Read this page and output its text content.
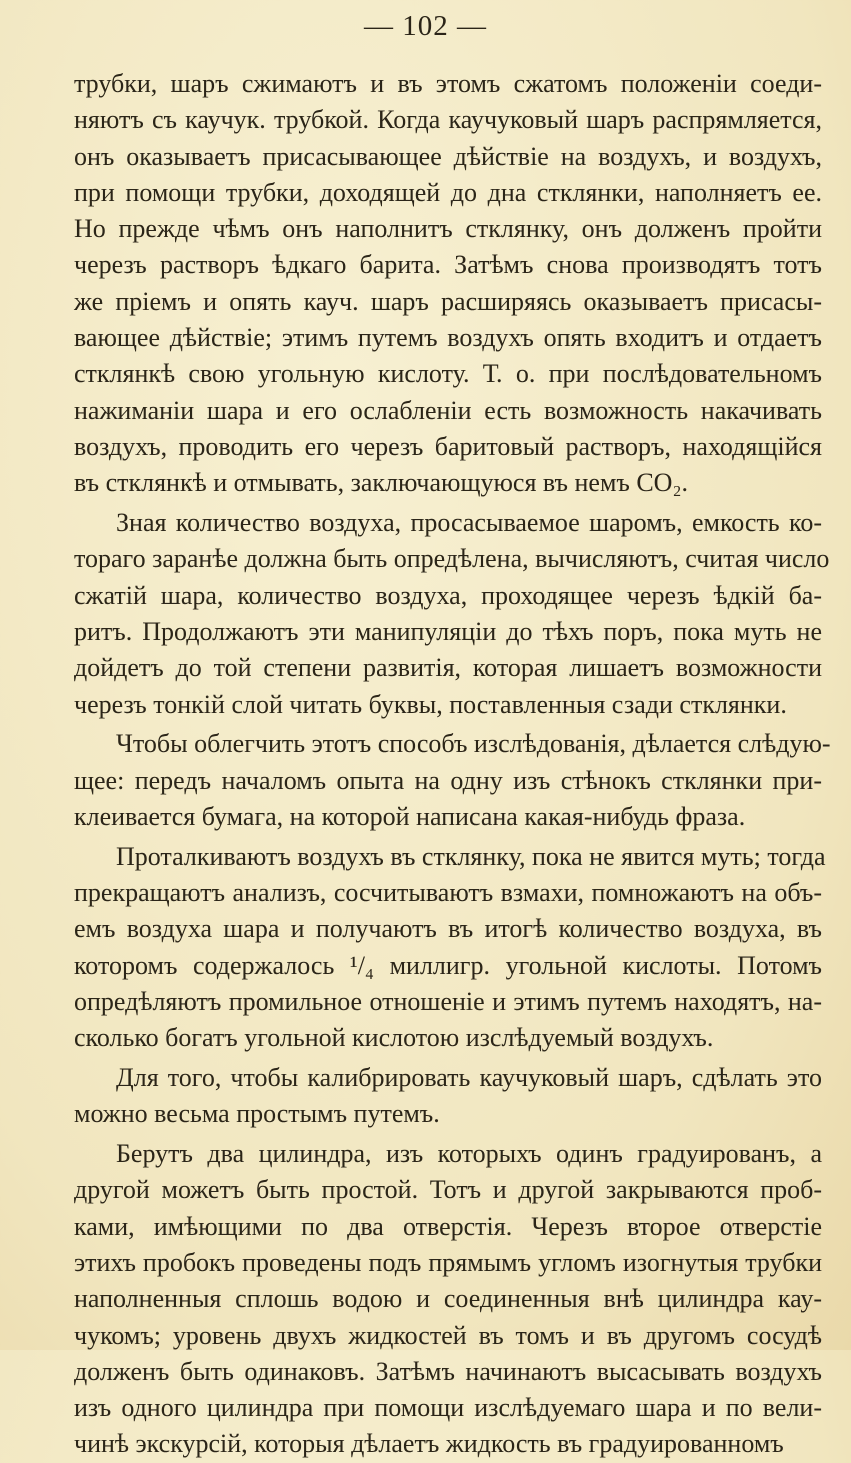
— 102 —
трубки, шаръ сжимаютъ и въ этомъ сжатомъ положеніи соеди-
няютъ съ каучук. трубкой. Когда каучуковый шаръ распрямляется,
онъ оказываетъ присасывающее дѣйствіе на воздухъ, и воздухъ,
при помощи трубки, доходящей до дна стклянки, наполняетъ ее.
Но прежде чѣмъ онъ наполнитъ стклянку, онъ долженъ пройти
черезъ растворъ ѣдкаго барита. Затѣмъ снова производятъ тотъ
же пріемъ и опять кауч. шаръ расширяясь оказываетъ присасы-
вающее дѣйствіе; этимъ путемъ воздухъ опять входитъ и отдаетъ
стклянкѣ свою угольную кислоту. Т. о. при послѣдовательномъ
нажиманіи шара и его ослабленіи есть возможность накачивать
воздухъ, проводить его черезъ баритовый растворъ, находящійся
въ стклянкѣ и отмывать, заключающуюся въ немъ CO₂.
Зная количество воздуха, просасываемое шаромъ, емкость ко-
тораго заранѣе должна быть опредѣлена, вычисляютъ, считая число
сжатій шара, количество воздуха, проходящее черезъ ѣдкій ба-
ритъ. Продолжаютъ эти манипуляціи до тѣхъ поръ, пока муть не
дойдетъ до той степени развитія, которая лишаетъ возможности
черезъ тонкій слой читать буквы, поставленныя сзади стклянки.
Чтобы облегчить этотъ способъ изслѣдованія, дѣлается слѣдую-
щее: передъ началомъ опыта на одну изъ стѣнокъ стклянки при-
клеивается бумага, на которой написана какая-нибудь фраза.
Проталкиваютъ воздухъ въ стклянку, пока не явится муть; тогда
прекращаютъ анализъ, сосчитываютъ взмахи, помножаютъ на объ-
емъ воздуха шара и получаютъ въ итогѣ количество воздуха, въ
которомъ содержалось ¹/₄ миллигр. угольной кислоты. Потомъ
опредѣляютъ промильное отношеніе и этимъ путемъ находятъ, на-
сколько богатъ угольной кислотою изслѣдуемый воздухъ.
Для того, чтобы калибрировать каучуковый шаръ, сдѣлать это
можно весьма простымъ путемъ.
Берутъ два цилиндра, изъ которыхъ одинъ градуированъ, а
другой можетъ быть простой. Тотъ и другой закрываются проб-
ками, имѣющими по два отверстія. Черезъ второе отверстіе
этихъ пробокъ проведены подъ прямымъ угломъ изогнутыя трубки
наполненныя сплошь водою и соединенныя внѣ цилиндра кау-
чукомъ; уровень двухъ жидкостей въ томъ и въ другомъ сосудѣ
долженъ быть одинаковъ. Затѣмъ начинаютъ высасывать воздухъ
изъ одного цилиндра при помощи изслѣдуемаго шара и по вели-
чинѣ экскурсій, которыя дѣлаетъ жидкость въ градуированномъ
